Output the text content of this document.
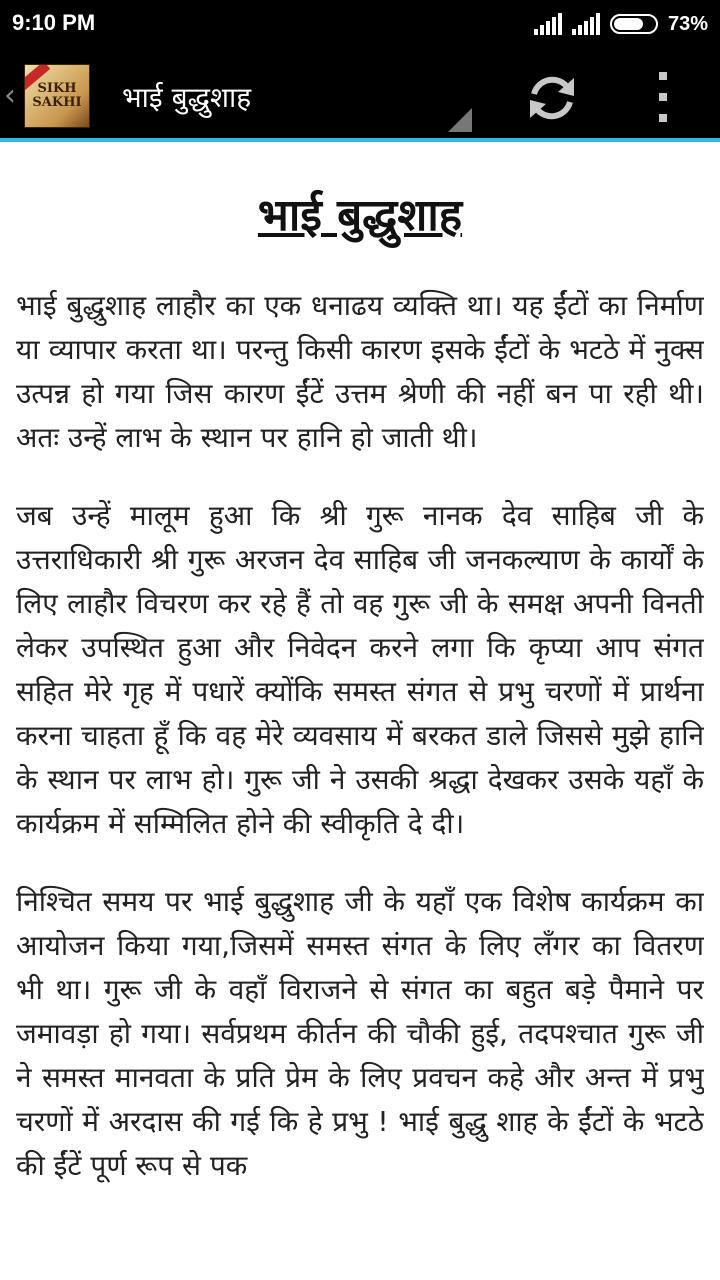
9:10 PM	73%
‹ SIKH
SAKHI भाई बुद्धुशाह
भाई बुद्धुशाह

भाई बुद्धुशाह लाहौर का एक धनाढय व्यक्ति था। यह ईंटों का निर्माण या व्यापार करता था। परन्तु किसी कारण इसके ईंटों के भटठे में नुक्स उत्पन्न हो गया जिस कारण ईंटें उत्तम श्रेणी की नहीं बन पा रही थी। अतः उन्हें लाभ के स्थान पर हानि हो जाती थी।

जब उन्हें मालूम हुआ कि श्री गुरू नानक देव साहिब जी के उत्तराधिकारी श्री गुरू अरजन देव साहिब जी जनकल्याण के कार्यों के लिए लाहौर विचरण कर रहे हैं तो वह गुरू जी के समक्ष अपनी विनती लेकर उपस्थित हुआ और निवेदन करने लगा कि कृप्या आप संगत सहित मेरे गृह में पधारें क्योंकि समस्त संगत से प्रभु चरणों में प्रार्थना करना चाहता हूँ कि वह मेरे व्यवसाय में बरकत डाले जिससे मुझे हानि के स्थान पर लाभ हो। गुरू जी ने उसकी श्रद्धा देखकर उसके यहाँ के कार्यक्रम में सम्मिलित होने की स्वीकृति दे दी।

निश्चित समय पर भाई बुद्धुशाह जी के यहाँ एक विशेष कार्यक्रम का आयोजन किया गया,जिसमें समस्त संगत के लिए लँगर का वितरण भी था। गुरू जी के वहाँ विराजने से संगत का बहुत बड़े पैमाने पर जमावड़ा हो गया। सर्वप्रथम कीर्तन की चौकी हुई, तदपश्चात गुरू जी ने समस्त मानवता के प्रति प्रेम के लिए प्रवचन कहे और अन्त में प्रभु चरणों में अरदास की गई कि हे प्रभु ! भाई बुद्धु शाह के ईंटों के भटठे की ईंटें पूर्ण रूप से पक
